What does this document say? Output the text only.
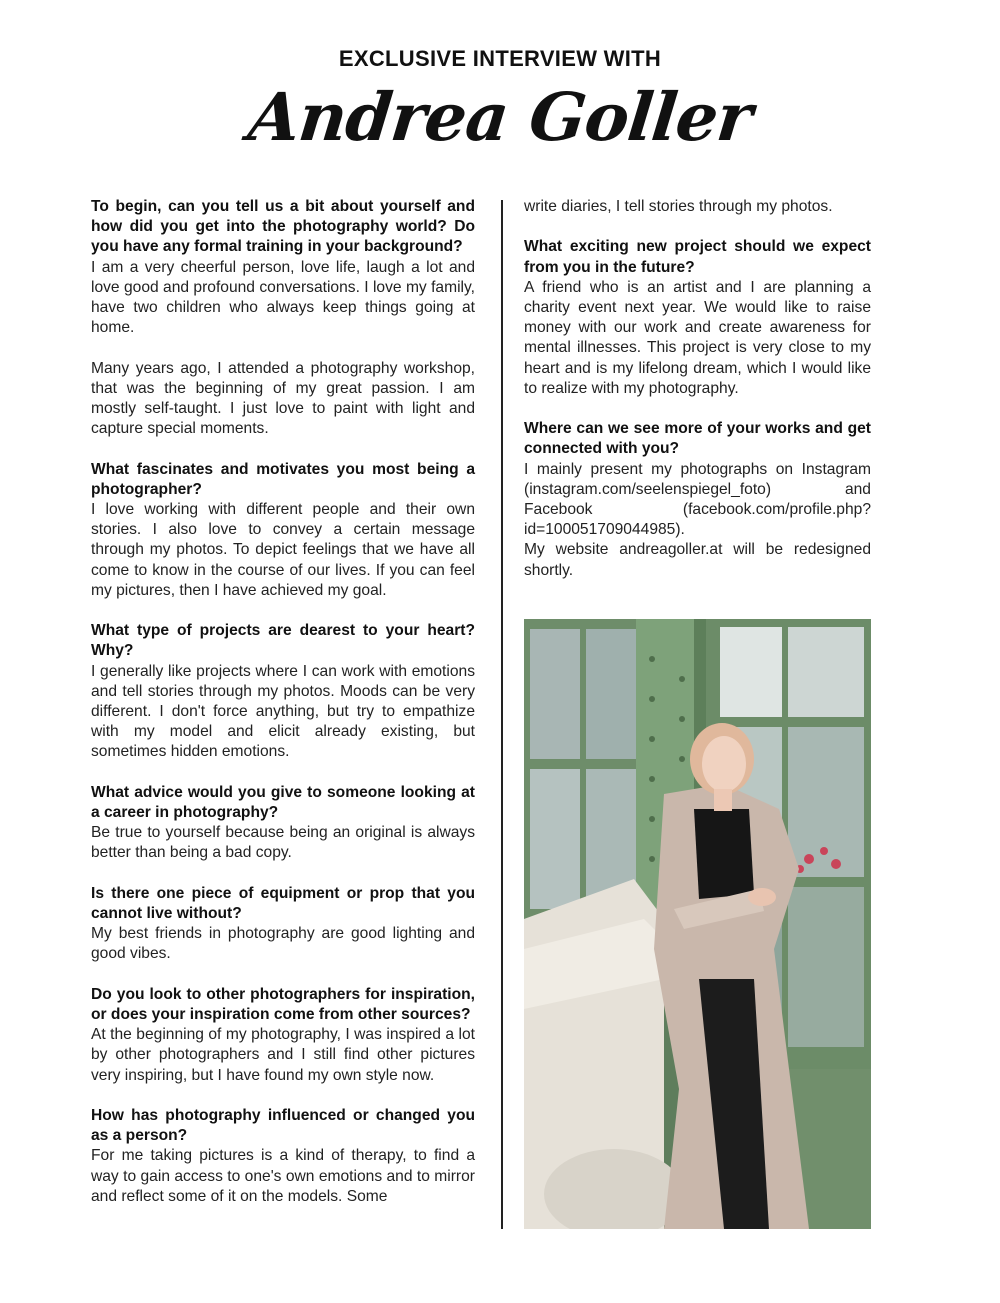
EXCLUSIVE INTERVIEW WITH
Andrea Goller
To begin, can you tell us a bit about yourself and how did you get into the photography world? Do you have any formal training in your background?

I am a very cheerful person, love life, laugh a lot and love good and profound conversations. I love my family, have two children who always keep things going at home.

Many years ago, I attended a photography workshop, that was the beginning of my great passion. I am mostly self-taught. I just love to paint with light and capture special moments.

What fascinates and motivates you most being a photographer?
I love working with different people and their own stories. I also love to convey a certain message through my photos. To depict feelings that we have all come to know in the course of our lives. If you can feel my pictures, then I have achieved my goal.
What type of projects are dearest to your heart? Why?
I generally like projects where I can work with emotions and tell stories through my photos. Moods can be very different. I don't force anything, but try to empathize with my model and elicit already existing, but sometimes hidden emotions.
What advice would you give to someone looking at a career in photography?
Be true to yourself because being an original is always better than being a bad copy.
Is there one piece of equipment or prop that you cannot live without?
My best friends in photography are good lighting and good vibes.
Do you look to other photographers for inspiration, or does your inspiration come from other sources?
At the beginning of my photography, I was inspired a lot by other photographers and I still find other pictures very inspiring, but I have found my own style now.
How has photography influenced or changed you as a person?
For me taking pictures is a kind of therapy, to find a way to gain access to one's own emotions and to mirror and reflect some of it on the models. Some
write diaries, I tell stories through my photos.
What exciting new project should we expect from you in the future?
A friend who is an artist and I are planning a charity event next year. We would like to raise money with our work and create awareness for mental illnesses. This project is very close to my heart and is my lifelong dream, which I would like to realize with my photography.
Where can we see more of your works and get connected with you?

I mainly present my photographs on Instagram (instagram.com/seelenspiegel_foto) and Facebook (facebook.com/profile.php?id=100051709044985).

My website andreagoller.at will be redesigned shortly.
